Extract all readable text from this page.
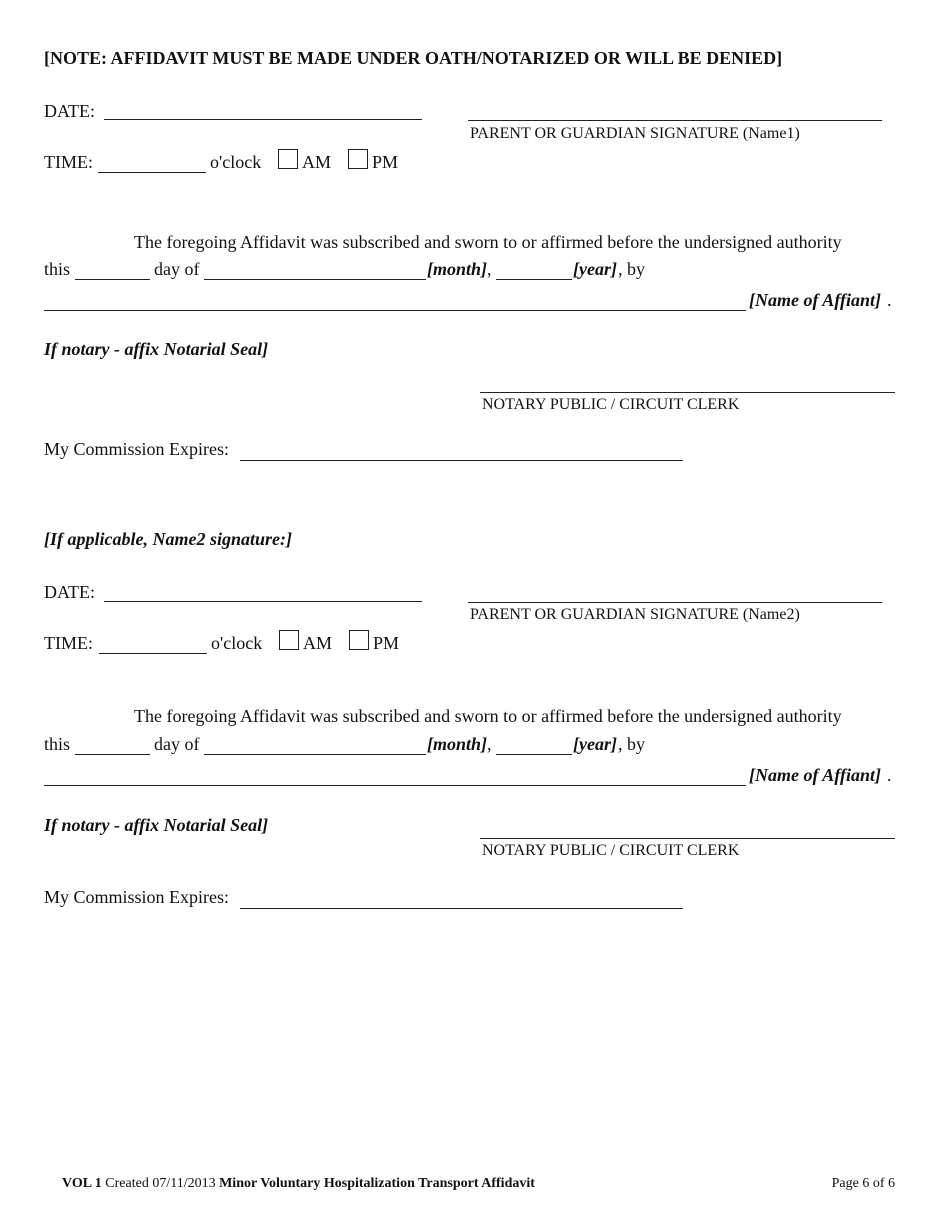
[NOTE: AFFIDAVIT MUST BE MADE UNDER OATH/NOTARIZED OR WILL BE DENIED]
DATE:
PARENT OR GUARDIAN SIGNATURE (Name1)
TIME:	o'clock AM PM
The foregoing Affidavit was subscribed and sworn to or affirmed before the undersigned authority
this	day of	[month] ,	[year] , by
[Name of Affiant] .
If notary - affix Notarial Seal]
NOTARY PUBLIC / CIRCUIT CLERK
My Commission Expires:
[If applicable, Name2 signature:]
DATE:
PARENT OR GUARDIAN SIGNATURE (Name2)
TIME:	o'clock AM PM
The foregoing Affidavit was subscribed and sworn to or affirmed before the undersigned authority
this	day of	[month] ,	[year] , by
[Name of Affiant] .
If notary - affix Notarial Seal]
NOTARY PUBLIC / CIRCUIT CLERK
My Commission Expires:
VOL 1 Created 07/11/2013 Minor Voluntary Hospitalization Transport Affidavit	Page 6 of 6
